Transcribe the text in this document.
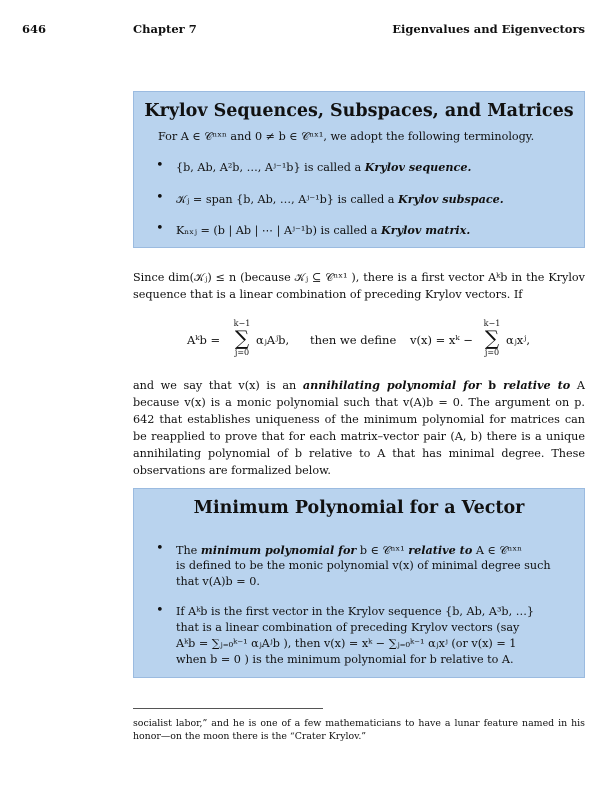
646	Chapter 7	Eigenvalues and Eigenvectors
Krylov Sequences, Subspaces, and Matrices
For A ∈ 𝒞ⁿˣⁿ and 0 ≠ b ∈ 𝒞ⁿˣ¹, we adopt the following terminology.
• {b, Ab, A²b, …, Aʲ⁻¹b} is called a Krylov sequence.
• 𝒦ⱼ = span {b, Ab, …, Aʲ⁻¹b} is called a Krylov subspace.
• Kₙₓⱼ = (b | Ab | ⋯ | Aʲ⁻¹b) is called a Krylov matrix.
Since dim(𝒦ⱼ) ≤ n (because 𝒦ⱼ ⊆ 𝒞ⁿˣ¹ ), there is a first vector Aᵏb in the Krylov sequence that is a linear combination of preceding Krylov vectors. If
Aᵏb =
k−1
∑
j=0
αⱼAʲb, then we define v(x) = xᵏ −
k−1
∑
j=0
αⱼxʲ,
and we say that v(x) is an annihilating polynomial for b relative to A because v(x) is a monic polynomial such that v(A)b = 0. The argument on p. 642 that establishes uniqueness of the minimum polynomial for matrices can be reapplied to prove that for each matrix–vector pair (A, b) there is a unique annihilating polynomial of b relative to A that has minimal degree. These observations are formalized below.
Minimum Polynomial for a Vector
• The minimum polynomial for b ∈ 𝒞ⁿˣ¹ relative to A ∈ 𝒞ⁿˣⁿ
is defined to be the monic polynomial v(x) of minimal degree such
that v(A)b = 0.
• If Aᵏb is the first vector in the Krylov sequence {b, Ab, A³b, …}
that is a linear combination of preceding Krylov vectors (say
Aᵏb = ∑ⱼ₌₀ᵏ⁻¹ αⱼAʲb ), then v(x) = xᵏ − ∑ⱼ₌₀ᵏ⁻¹ αⱼxʲ (or v(x) = 1
when b = 0 ) is the minimum polynomial for b relative to A.
socialist labor,” and he is one of a few mathematicians to have a lunar feature named in his honor—on the moon there is the “Crater Krylov.”
